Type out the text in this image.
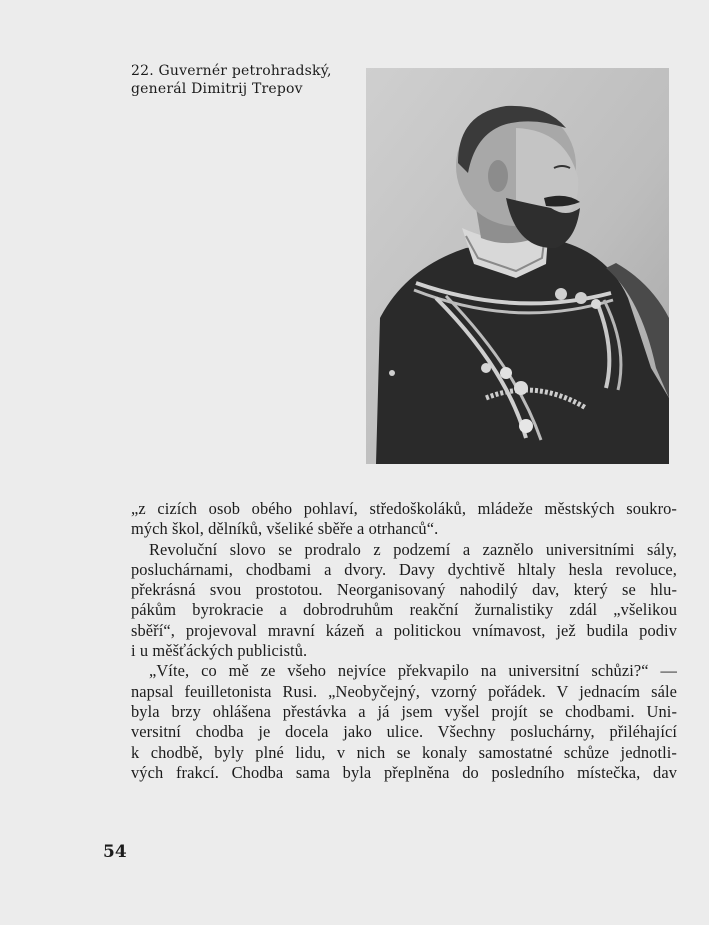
22. Guvernér petrohradský,
generál Dimitrij Trepov
„z cizích osob obého pohlaví, středoškoláků, mládeže městských soukro-
mých škol, dělníků, všeliké sběře a otrhanců“.
Revoluční slovo se prodralo z podzemí a zaznělo universitními sály,
posluchárnami, chodbami a dvory. Davy dychtivě hltaly hesla revoluce,
překrásná svou prostotou. Neorganisovaný nahodilý dav, který se hlu-
pákům byrokracie a dobrodruhům reakční žurnalistiky zdál „všelikou
sběří“, projevoval mravní kázeň a politickou vnímavost, jež budila podiv
i u měšťáckých publicistů.
„Víte, co mě ze všeho nejvíce překvapilo na universitní schůzi?“ —
napsal feuilletonista Rusi. „Neobyčejný, vzorný pořádek. V jednacím sále
byla brzy ohlášena přestávka a já jsem vyšel projít se chodbami. Uni-
versitní chodba je docela jako ulice. Všechny posluchárny, přiléhající
k chodbě, byly plné lidu, v nich se konaly samostatné schůze jednotli-
vých frakcí. Chodba sama byla přeplněna do posledního místečka, dav
54
